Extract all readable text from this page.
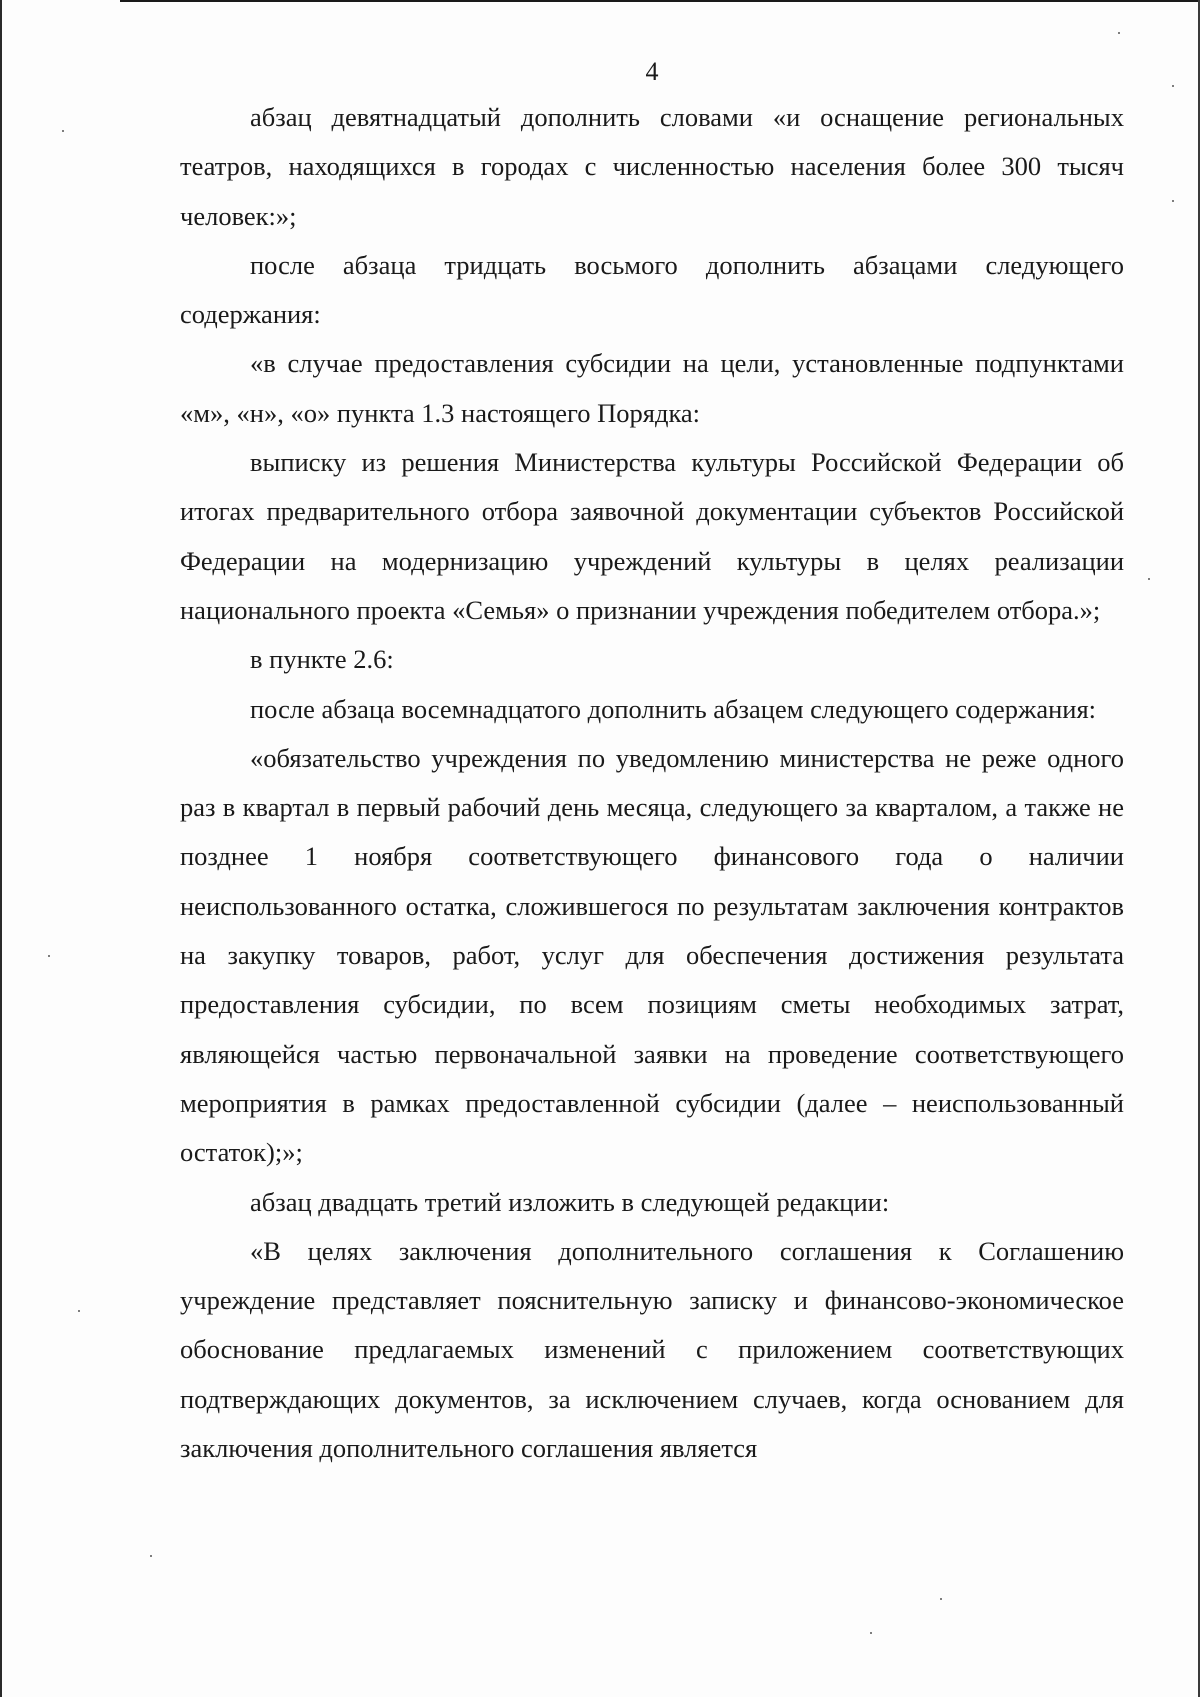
4

абзац девятнадцатый дополнить словами «и оснащение региональных театров, находящихся в городах с численностью населения более 300 тысяч человек:»;

после абзаца тридцать восьмого дополнить абзацами следующего содержания:

«в случае предоставления субсидии на цели, установленные подпунктами «м», «н», «о» пункта 1.3 настоящего Порядка:

выписку из решения Министерства культуры Российской Федерации об итогах предварительного отбора заявочной документации субъектов Российской Федерации на модернизацию учреждений культуры в целях реализации национального проекта «Семья» о признании учреждения победителем отбора.»;

в пункте 2.6:

после абзаца восемнадцатого дополнить абзацем следующего содержания:

«обязательство учреждения по уведомлению министерства не реже одного раз в квартал в первый рабочий день месяца, следующего за кварталом, а также не позднее 1 ноября соответствующего финансового года о наличии неиспользованного остатка, сложившегося по результатам заключения контрактов на закупку товаров, работ, услуг для обеспечения достижения результата предоставления субсидии, по всем позициям сметы необходимых затрат, являющейся частью первоначальной заявки на проведение соответствующего мероприятия в рамках предоставленной субсидии (далее – неиспользованный остаток);»;

абзац двадцать третий изложить в следующей редакции:

«В целях заключения дополнительного соглашения к Соглашению учреждение представляет пояснительную записку и финансово-экономическое обоснование предлагаемых изменений с приложением соответствующих подтверждающих документов, за исключением случаев, когда основанием для заключения дополнительного соглашения является
